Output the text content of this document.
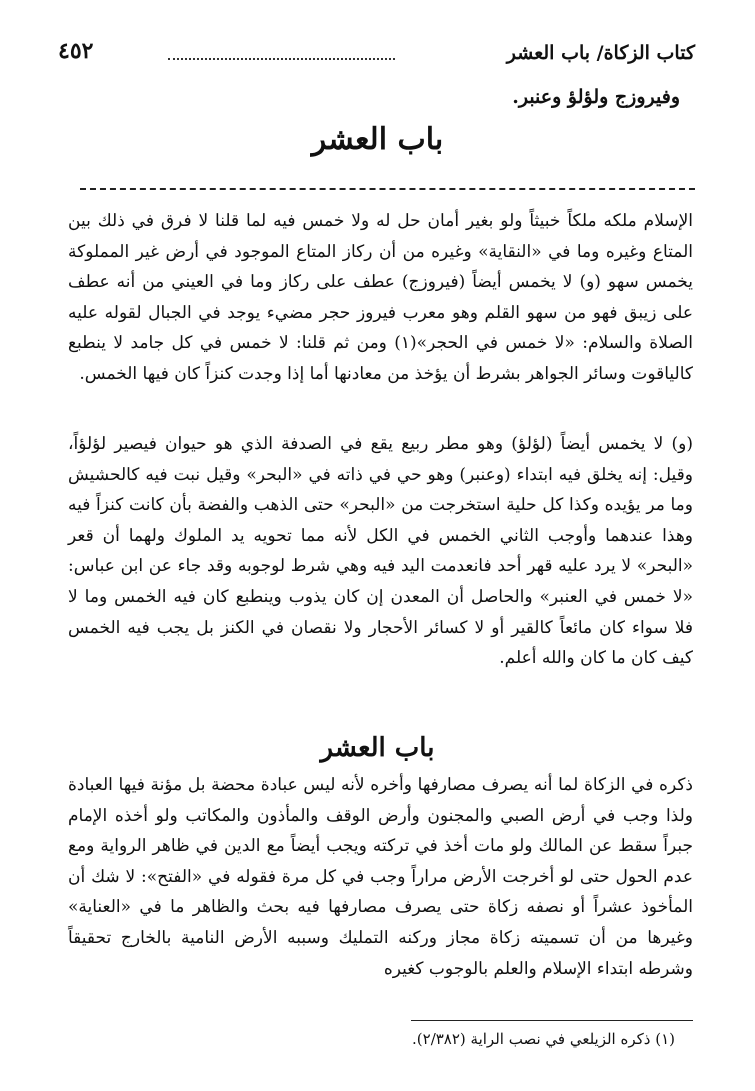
كتاب الزكاة/ باب العشر
٤٥٢
وفيروزج ولؤلؤ وعنبر.
باب العشر

الإسلام ملكه ملكاً خبيثاً ولو بغير أمان حل له ولا خمس فيه لما قلنا لا فرق في ذلك بين المتاع وغيره وما في «النقاية» وغيره من أن ركاز المتاع الموجود في أرض غير المملوكة يخمس سهو (و) لا يخمس أيضاً (فيروزج) عطف على ركاز وما في العيني من أنه عطف على زيبق فهو من سهو القلم وهو معرب فيروز حجر مضيء يوجد في الجبال لقوله عليه الصلاة والسلام: «لا خمس في الحجر»(١) ومن ثم قلنا: لا خمس في كل جامد لا ينطبع كالياقوت وسائر الجواهر بشرط أن يؤخذ من معادنها أما إذا وجدت كنزاً كان فيها الخمس.

(و) لا يخمس أيضاً (لؤلؤ) وهو مطر ربيع يقع في الصدفة الذي هو حيوان فيصير لؤلؤاً، وقيل: إنه يخلق فيه ابتداء (وعنبر) وهو حي في ذاته في «البحر» وقيل نبت فيه كالحشيش وما مر يؤيده وكذا كل حلية استخرجت من «البحر» حتى الذهب والفضة بأن كانت كنزاً فيه وهذا عندهما وأوجب الثاني الخمس في الكل لأنه مما تحويه يد الملوك ولهما أن قعر «البحر» لا يرد عليه قهر أحد فانعدمت اليد فيه وهي شرط لوجوبه وقد جاء عن ابن عباس: «لا خمس في العنبر» والحاصل أن المعدن إن كان يذوب وينطبع كان فيه الخمس وما لا فلا سواء كان مائعاً كالقير أو لا كسائر الأحجار ولا نقصان في الكنز بل يجب فيه الخمس كيف كان ما كان والله أعلم.

باب العشر

ذكره في الزكاة لما أنه يصرف مصارفها وأخره لأنه ليس عبادة محضة بل مؤنة فيها العبادة ولذا وجب في أرض الصبي والمجنون وأرض الوقف والمأذون والمكاتب ولو أخذه الإمام جبراً سقط عن المالك ولو مات أخذ في تركته ويجب أيضاً مع الدين في ظاهر الرواية ومع عدم الحول حتى لو أخرجت الأرض مراراً وجب في كل مرة فقوله في «الفتح»: لا شك أن المأخوذ عشراً أو نصفه زكاة حتى يصرف مصارفها فيه بحث والظاهر ما في «العناية» وغيرها من أن تسميته زكاة مجاز وركنه التمليك وسببه الأرض النامية بالخارج تحقيقاً وشرطه ابتداء الإسلام والعلم بالوجوب كغيره

(١) ذكره الزيلعي في نصب الراية (٢/٣٨٢).
